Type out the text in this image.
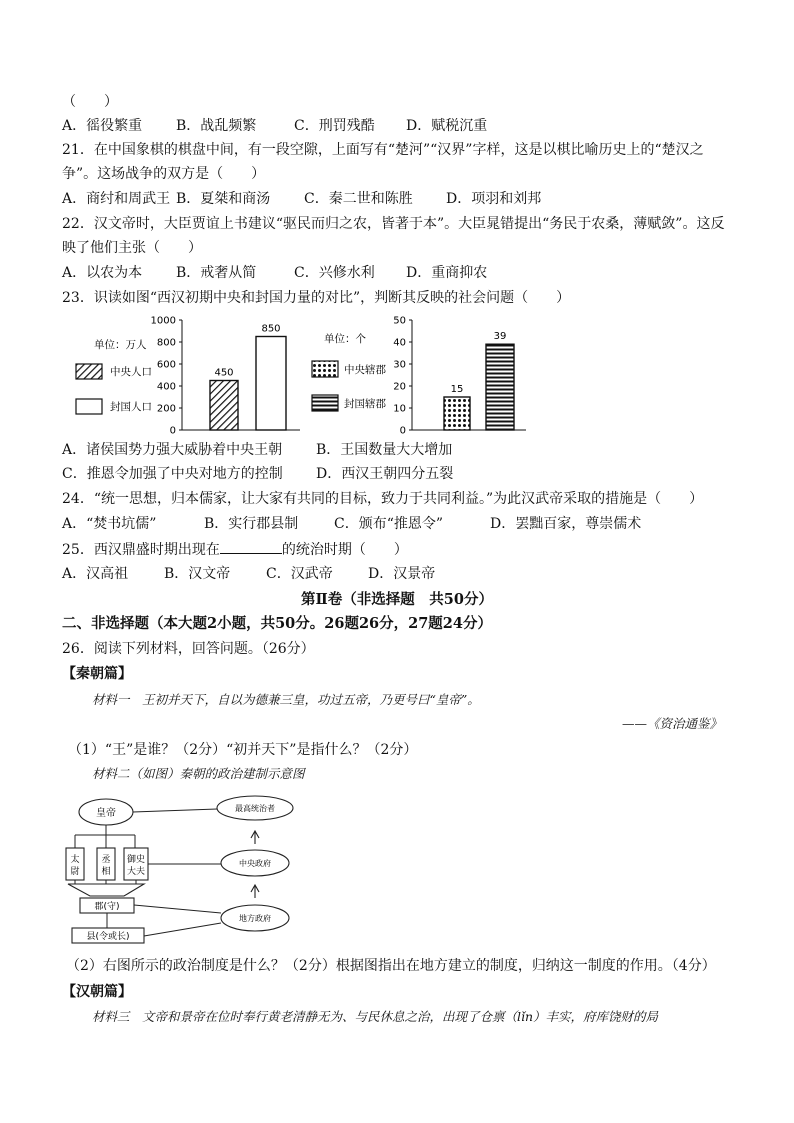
（　　）
A．徭役繁重 B．战乱频繁	C．刑罚残酷 D．赋税沉重
21．在中国象棋的棋盘中间，有一段空隙，上面写有“楚河”“汉界”字样，这是以棋比喻历史上的“楚汉之
争”。这场战争的双方是（　　）
A．商纣和周武王 B．夏桀和商汤 C．秦二世和陈胜 D．项羽和刘邦
22．汉文帝时，大臣贾谊上书建议“驱民而归之农，皆著于本”。大臣晁错提出“务民于农桑，薄赋敛”。这反
映了他们主张（　　）
A．以农为本 B．戒奢从简	C．兴修水利 D．重商抑农
23．识读如图“西汉初期中央和封国力量的对比”，判断其反映的社会问题（　　）
0
200
400
600
800
1000
450
850
单位：万人
中央人口
封国人口
0
10
20
30
40
50
15
39
单位：个
中央辖郡
封国辖郡
A．诸侯国势力强大威胁着中央王朝 B．王国数量大大增加
C．推恩令加强了中央对地方的控制 D．西汉王朝四分五裂
24．“统一思想，归本儒家，让大家有共同的目标，致力于共同利益。”为此汉武帝采取的措施是（　　）
A．“焚书坑儒”	B．实行郡县制	C．颁布“推恩令”	D．罢黜百家，尊崇儒术
25．西汉鼎盛时期出现在	的统治时期（　　）
A．汉高祖	B．汉文帝	C．汉武帝	D．汉景帝
第Ⅱ卷（非选择题　共50分）
二、非选择题（本大题2小题，共50分。26题26分，27题24分）
26．阅读下列材料，回答问题。（26分）
【秦朝篇】
材料一　王初并天下，自以为德兼三皇，功过五帝，乃更号曰“皇帝”。
——《资治通鉴》
（1）“王”是谁？（2分）“初并天下”是指什么？（2分）
材料二（如图）秦朝的政治建制示意图
皇帝	最高统治者
中央政府
地方政府
太
尉
丞
相
御史
大夫
郡(守)
县(令或长)
（2）右图所示的政治制度是什么？（2分）根据图指出在地方建立的制度，归纳这一制度的作用。（4分）
【汉朝篇】
材料三　文帝和景帝在位时奉行黄老清静无为、与民休息之治，出现了仓禀（lǐn）丰实，府库饶财的局
